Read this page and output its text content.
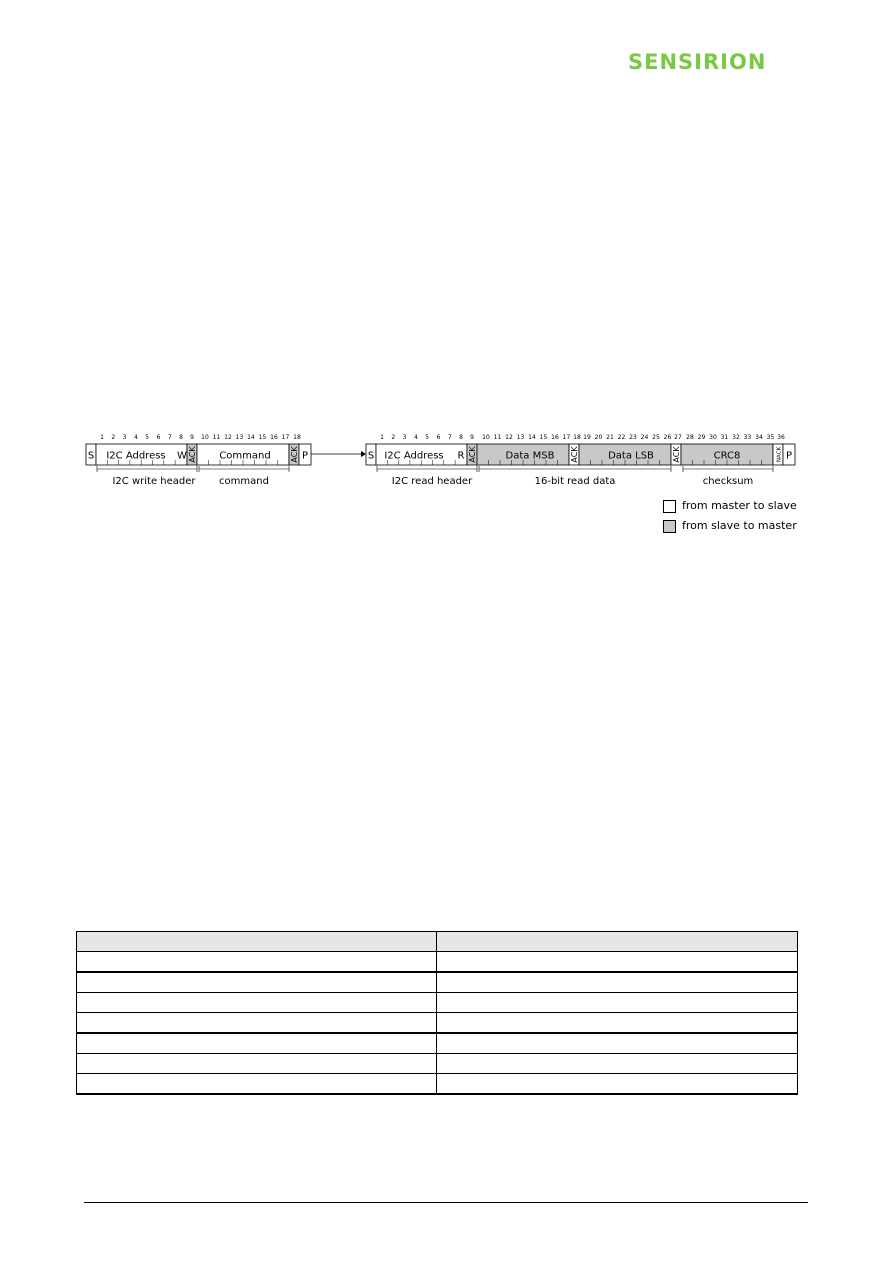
SENSIRION
S I2C Address W ACK Command ACK P
1 2 3 4 5 6 7 8 9 10 11 12 13 14 15 16 17 18
I2C write header command
S I2C Address R ACK	Data MSB ACK	Data LSB ACK	CRC8	NACK P
1 2 3 4 5 6 7 8 9 10 11 12 13 14 15 16 17 18 19 20 21 22 23 24 25 26 27 28 29 30 31 32 33 34 35 36
I2C read header	16-bit read data	checksum
from master to slave
from slave to master
